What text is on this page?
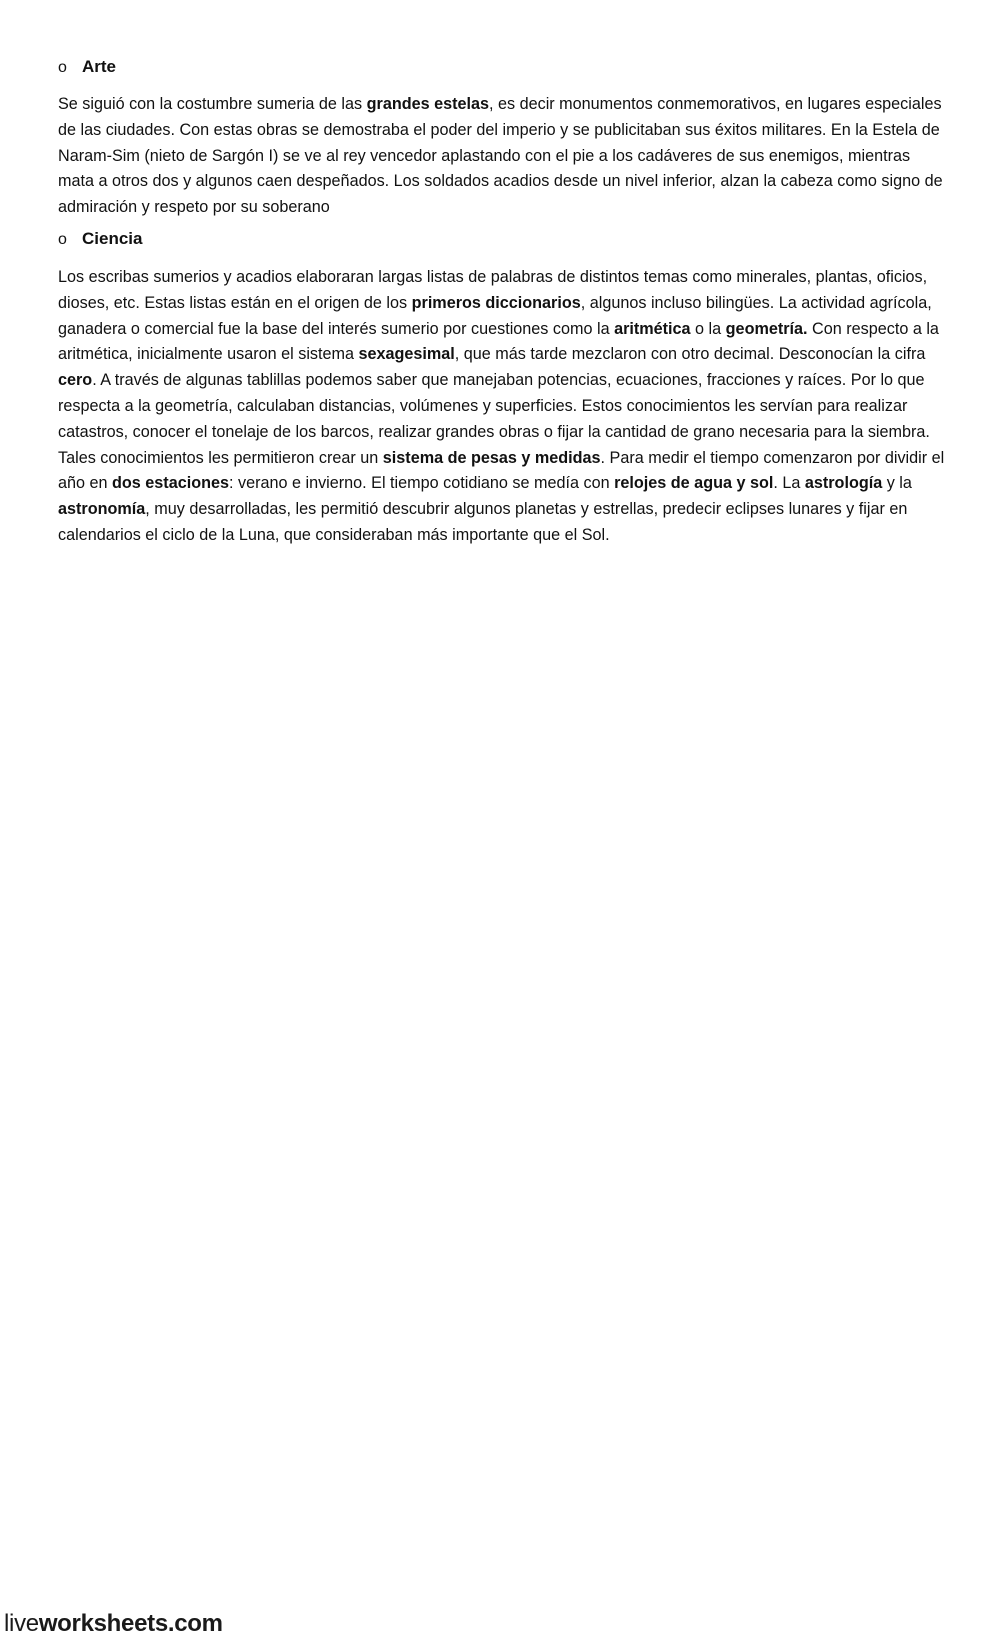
o Arte

Se siguió con la costumbre sumeria de las grandes estelas, es decir monumentos conmemorativos, en lugares especiales de las ciudades. Con estas obras se demostraba el poder del imperio y se publicitaban sus éxitos militares. En la Estela de Naram-Sim (nieto de Sargón I) se ve al rey vencedor aplastando con el pie a los cadáveres de sus enemigos, mientras mata a otros dos y algunos caen despeñados. Los soldados acadios desde un nivel inferior, alzan la cabeza como signo de admiración y respeto por su soberano

o Ciencia

Los escribas sumerios y acadios elaboraran largas listas de palabras de distintos temas como minerales, plantas, oficios, dioses, etc. Estas listas están en el origen de los primeros diccionarios, algunos incluso bilingües. La actividad agrícola, ganadera o comercial fue la base del interés sumerio por cuestiones como la aritmética o la geometría. Con respecto a la aritmética, inicialmente usaron el sistema sexagesimal, que más tarde mezclaron con otro decimal. Desconocían la cifra cero. A través de algunas tablillas podemos saber que manejaban potencias, ecuaciones, fracciones y raíces. Por lo que respecta a la geometría, calculaban distancias, volúmenes y superficies. Estos conocimientos les servían para realizar catastros, conocer el tonelaje de los barcos, realizar grandes obras o fijar la cantidad de grano necesaria para la siembra. Tales conocimientos les permitieron crear un sistema de pesas y medidas. Para medir el tiempo comenzaron por dividir el año en dos estaciones: verano e invierno. El tiempo cotidiano se medía con relojes de agua y sol. La astrología y la astronomía, muy desarrolladas, les permitió descubrir algunos planetas y estrellas, predecir eclipses lunares y fijar en calendarios el ciclo de la Luna, que consideraban más importante que el Sol.

liveworksheets.com
